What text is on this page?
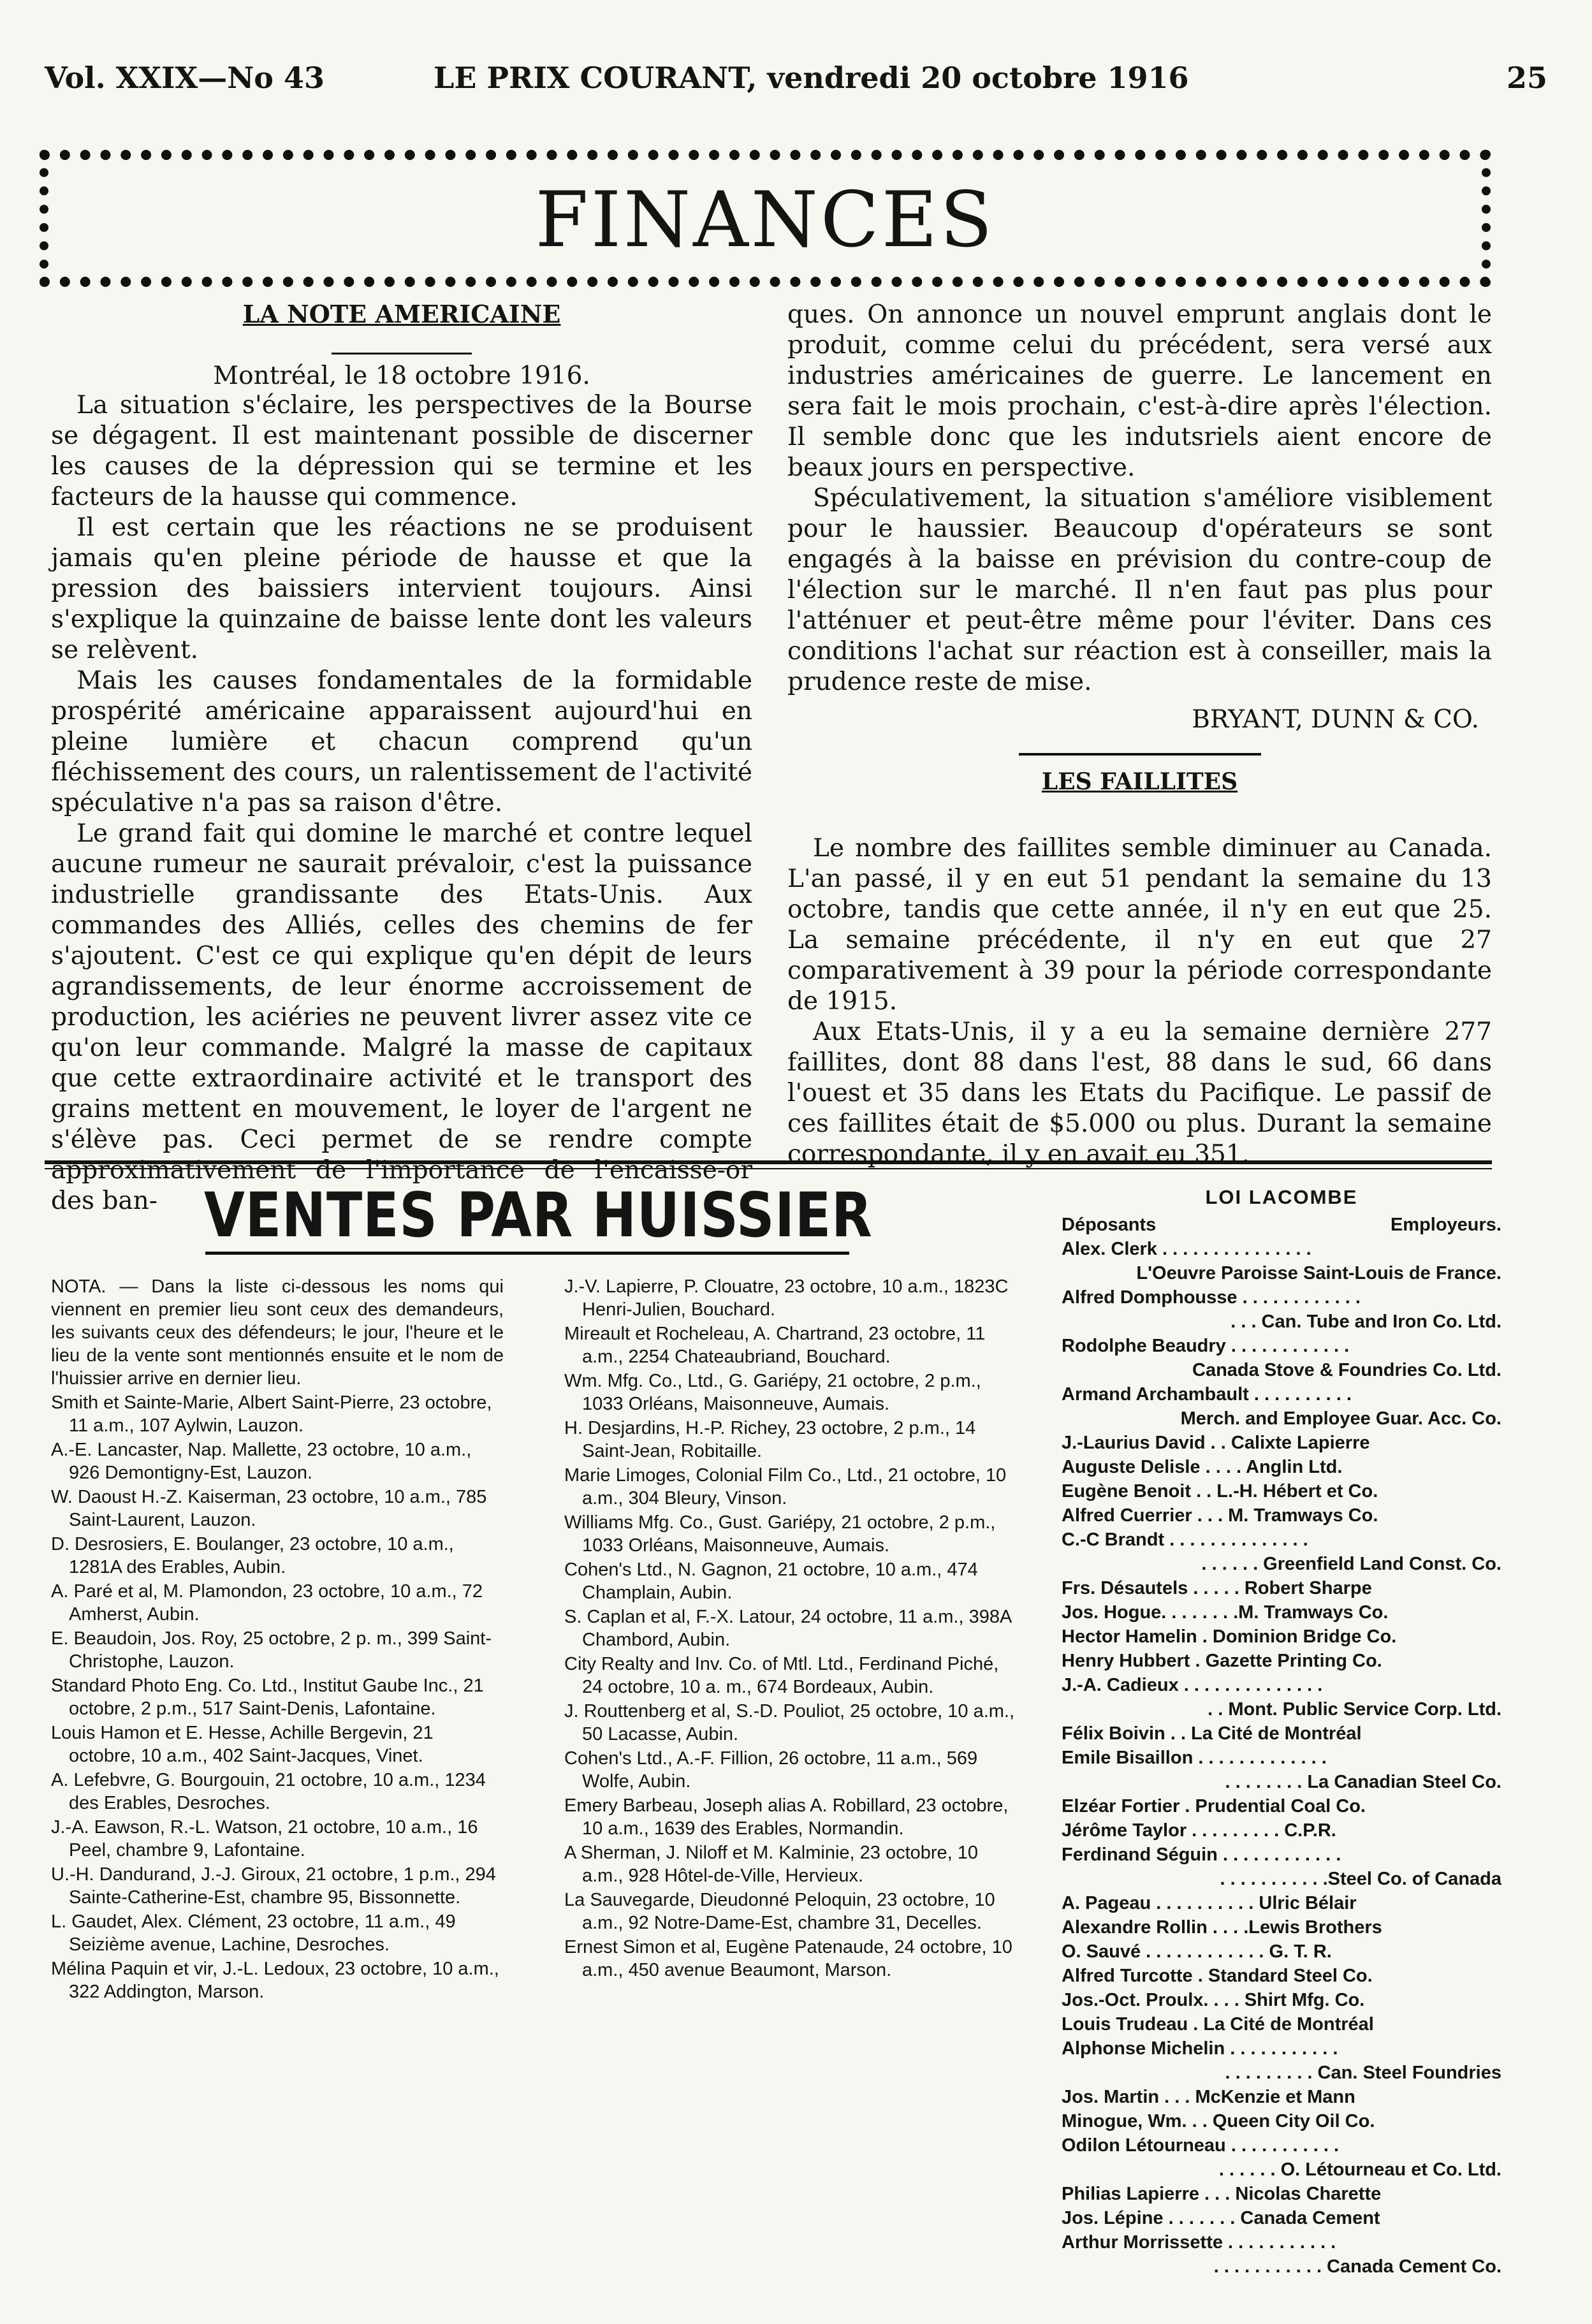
Vol. XXIX—No 43	LE PRIX COURANT, vendredi 20 octobre 1916	25
FINANCES
LA NOTE AMERICAINE
Montréal, le 18 octobre 1916.

La situation s'éclaire, les perspectives de la Bourse se dégagent. Il est maintenant possible de discerner les causes de la dépression qui se termine et les facteurs de la hausse qui commence.

Il est certain que les réactions ne se produisent jamais qu'en pleine période de hausse et que la pression des baissiers intervient toujours. Ainsi s'explique la quinzaine de baisse lente dont les valeurs se relèvent.

Mais les causes fondamentales de la formidable prospérité américaine apparaissent aujourd'hui en pleine lumière et chacun comprend qu'un fléchissement des cours, un ralentissement de l'activité spéculative n'a pas sa raison d'être.

Le grand fait qui domine le marché et contre lequel aucune rumeur ne saurait prévaloir, c'est la puissance industrielle grandissante des Etats-Unis. Aux commandes des Alliés, celles des chemins de fer s'ajoutent. C'est ce qui explique qu'en dépit de leurs agrandissements, de leur énorme accroissement de production, les aciéries ne peuvent livrer assez vite ce qu'on leur commande. Malgré la masse de capitaux que cette extraordinaire activité et le transport des grains mettent en mouvement, le loyer de l'argent ne s'élève pas. Ceci permet de se rendre compte approximativement de l'importance de l'encaisse-or des ban-

ques. On annonce un nouvel emprunt anglais dont le produit, comme celui du précédent, sera versé aux industries américaines de guerre. Le lancement en sera fait le mois prochain, c'est-à-dire après l'élection. Il semble donc que les indutsriels aient encore de beaux jours en perspective.

Spéculativement, la situation s'améliore visiblement pour le haussier. Beaucoup d'opérateurs se sont engagés à la baisse en prévision du contre-coup de l'élection sur le marché. Il n'en faut pas plus pour l'atténuer et peut-être même pour l'éviter. Dans ces conditions l'achat sur réaction est à conseiller, mais la prudence reste de mise.

BRYANT, DUNN & CO.
LES FAILLITES

Le nombre des faillites semble diminuer au Canada. L'an passé, il y en eut 51 pendant la semaine du 13 octobre, tandis que cette année, il n'y en eut que 25. La semaine précédente, il n'y en eut que 27 comparativement à 39 pour la période correspondante de 1915.

Aux Etats-Unis, il y a eu la semaine dernière 277 faillites, dont 88 dans l'est, 88 dans le sud, 66 dans l'ouest et 35 dans les Etats du Pacifique. Le passif de ces faillites était de $5.000 ou plus. Durant la semaine correspondante, il y en avait eu 351.

VENTES PAR HUISSIER

NOTA. — Dans la liste ci-dessous les noms qui viennent en premier lieu sont ceux des demandeurs, les suivants ceux des défendeurs; le jour, l'heure et le lieu de la vente sont mentionnés ensuite et le nom de l'huissier arrive en dernier lieu.

Smith et Sainte-Marie, Albert Saint-Pierre, 23 octobre, 11 a.m., 107 Aylwin, Lauzon.

A.-E. Lancaster, Nap. Mallette, 23 octobre, 10 a.m., 926 Demontigny-Est, Lauzon.

W. Daoust H.-Z. Kaiserman, 23 octobre, 10 a.m., 785 Saint-Laurent, Lauzon.

D. Desrosiers, E. Boulanger, 23 octobre, 10 a.m., 1281A des Erables, Aubin.

A. Paré et al, M. Plamondon, 23 octobre, 10 a.m., 72 Amherst, Aubin.

E. Beaudoin, Jos. Roy, 25 octobre, 2 p. m., 399 Saint-Christophe, Lauzon.

Standard Photo Eng. Co. Ltd., Institut Gaube Inc., 21 octobre, 2 p.m., 517 Saint-Denis, Lafontaine.

Louis Hamon et E. Hesse, Achille Bergevin, 21 octobre, 10 a.m., 402 Saint-Jacques, Vinet.

A. Lefebvre, G. Bourgouin, 21 octobre, 10 a.m., 1234 des Erables, Desroches.

J.-A. Eawson, R.-L. Watson, 21 octobre, 10 a.m., 16 Peel, chambre 9, Lafontaine.

U.-H. Dandurand, J.-J. Giroux, 21 octobre, 1 p.m., 294 Sainte-Catherine-Est, chambre 95, Bissonnette.

L. Gaudet, Alex. Clément, 23 octobre, 11 a.m., 49 Seizième avenue, Lachine, Desroches.

Mélina Paquin et vir, J.-L. Ledoux, 23 octobre, 10 a.m., 322 Addington, Marson.

J.-V. Lapierre, P. Clouatre, 23 octobre, 10 a.m., 1823C Henri-Julien, Bouchard.

Mireault et Rocheleau, A. Chartrand, 23 octobre, 11 a.m., 2254 Chateaubriand, Bouchard.

Wm. Mfg. Co., Ltd., G. Gariépy, 21 octobre, 2 p.m., 1033 Orléans, Maisonneuve, Aumais.

H. Desjardins, H.-P. Richey, 23 octobre, 2 p.m., 14 Saint-Jean, Robitaille.

Marie Limoges, Colonial Film Co., Ltd., 21 octobre, 10 a.m., 304 Bleury, Vinson.

Williams Mfg. Co., Gust. Gariépy, 21 octobre, 2 p.m., 1033 Orléans, Maisonneuve, Aumais.

Cohen's Ltd., N. Gagnon, 21 octobre, 10 a.m., 474 Champlain, Aubin.

S. Caplan et al, F.-X. Latour, 24 octobre, 11 a.m., 398A Chambord, Aubin.

City Realty and Inv. Co. of Mtl. Ltd., Ferdinand Piché, 24 octobre, 10 a. m., 674 Bordeaux, Aubin.

J. Routtenberg et al, S.-D. Pouliot, 25 octobre, 10 a.m., 50 Lacasse, Aubin.

Cohen's Ltd., A.-F. Fillion, 26 octobre, 11 a.m., 569 Wolfe, Aubin.

Emery Barbeau, Joseph alias A. Robillard, 23 octobre, 10 a.m., 1639 des Erables, Normandin.

A Sherman, J. Niloff et M. Kalminie, 23 octobre, 10 a.m., 928 Hôtel-de-Ville, Hervieux.

La Sauvegarde, Dieudonné Peloquin, 23 octobre, 10 a.m., 92 Notre-Dame-Est, chambre 31, Decelles.

Ernest Simon et al, Eugène Patenaude, 24 octobre, 10 a.m., 450 avenue Beaumont, Marson.

LOI LACOMBE
Déposants	Employeurs.
Alex. Clerk . . . . . . . . . . . . . . .
L'Oeuvre Paroisse Saint-Louis de France.
Alfred Domphousse . . . . . . . . . . . .
. . . Can. Tube and Iron Co. Ltd.
Rodolphe Beaudry . . . . . . . . . . . .
Canada Stove & Foundries Co. Ltd.
Armand Archambault . . . . . . . . . .
Merch. and Employee Guar. Acc. Co.
J.-Laurius David . . Calixte Lapierre
Auguste Delisle . . . . Anglin Ltd.
Eugène Benoit . . L.-H. Hébert et Co.
Alfred Cuerrier . . . M. Tramways Co.
C.-C Brandt . . . . . . . . . . . . . .
. . . . . . Greenfield Land Const. Co.
Frs. Désautels . . . . . Robert Sharpe
Jos. Hogue. . . . . . . .M. Tramways Co.
Hector Hamelin . Dominion Bridge Co.
Henry Hubbert . Gazette Printing Co.
J.-A. Cadieux . . . . . . . . . . . . . .
. . Mont. Public Service Corp. Ltd.
Félix Boivin . . La Cité de Montréal
Emile Bisaillon . . . . . . . . . . . . .
. . . . . . . . La Canadian Steel Co.
Elzéar Fortier . Prudential Coal Co.
Jérôme Taylor . . . . . . . . . C.P.R.
Ferdinand Séguin . . . . . . . . . . . .
. . . . . . . . . . .Steel Co. of Canada
A. Pageau . . . . . . . . . . Ulric Bélair
Alexandre Rollin . . . .Lewis Brothers
O. Sauvé . . . . . . . . . . . . G. T. R.
Alfred Turcotte . Standard Steel Co.
Jos.-Oct. Proulx. . . . Shirt Mfg. Co.
Louis Trudeau . La Cité de Montréal
Alphonse Michelin . . . . . . . . . . .
. . . . . . . . . Can. Steel Foundries
Jos. Martin . . . McKenzie et Mann
Minogue, Wm. . . Queen City Oil Co.
Odilon Létourneau . . . . . . . . . . .
. . . . . . O. Létourneau et Co. Ltd.
Philias Lapierre . . . Nicolas Charette
Jos. Lépine . . . . . . . Canada Cement
Arthur Morrissette . . . . . . . . . . .
. . . . . . . . . . . Canada Cement Co.
